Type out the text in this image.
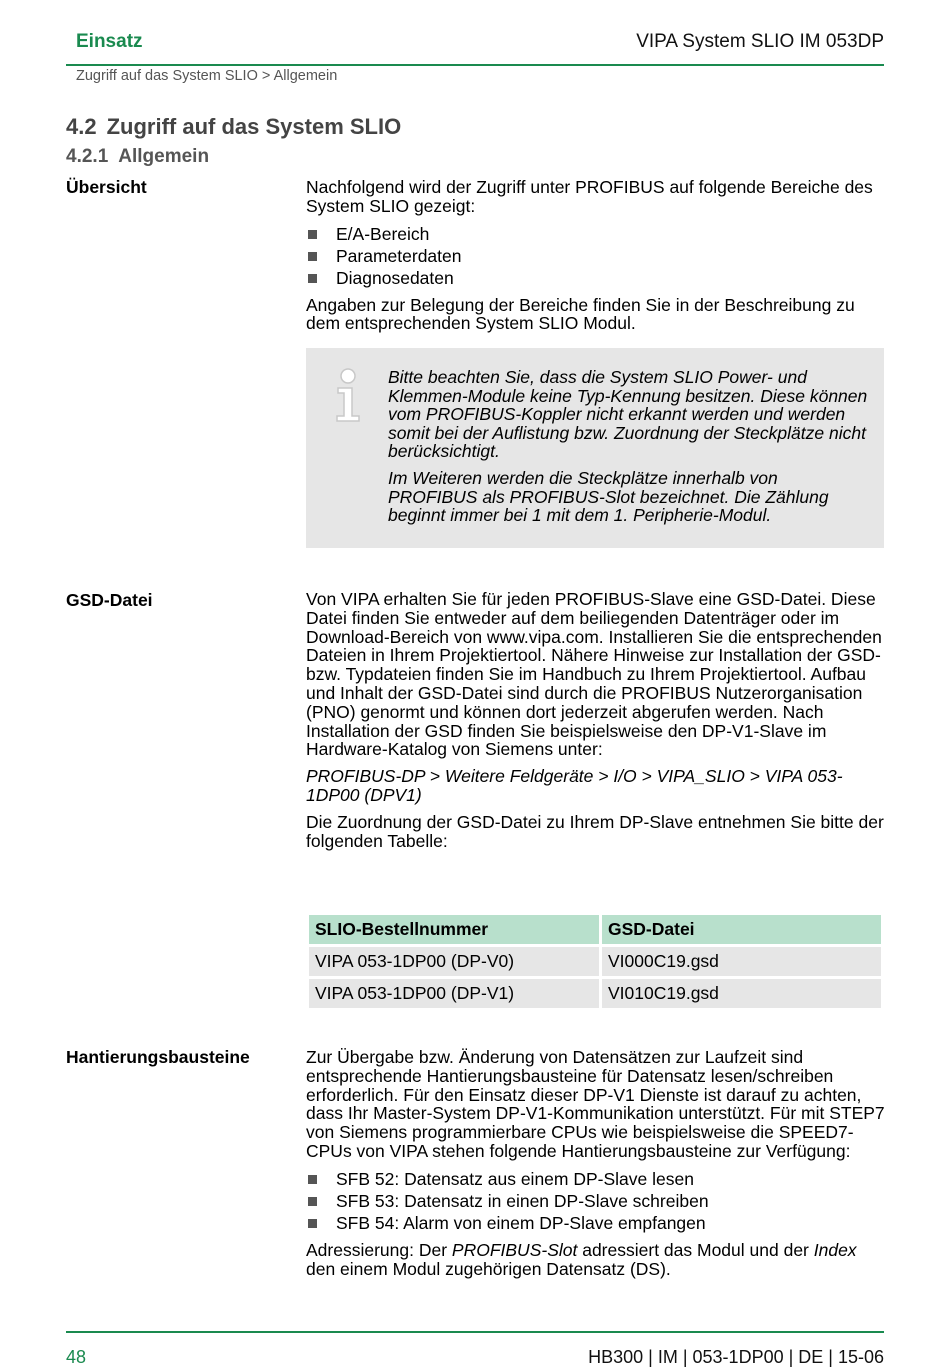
Einsatz	VIPA System SLIO IM 053DP
Zugriff auf das System SLIO > Allgemein
4.2 Zugriff auf das System SLIO
4.2.1 Allgemein
Übersicht	Nachfolgend wird der Zugriff unter PROFIBUS auf folgende Bereiche des System SLIO gezeigt:

E/A-Bereich
Parameterdaten
Diagnosedaten

Angaben zur Belegung der Bereiche finden Sie in der Beschreibung zu dem entsprechenden System SLIO Modul.

Bitte beachten Sie, dass die System SLIO Power- und Klemmen-Module keine Typ-Kennung besitzen. Diese können vom PROFIBUS-Koppler nicht erkannt werden und werden somit bei der Auflistung bzw. Zuordnung der Steckplätze nicht berücksichtigt.

Im Weiteren werden die Steckplätze innerhalb von PROFIBUS als PROFIBUS-Slot bezeichnet. Die Zählung beginnt immer bei 1 mit dem 1. Peripherie-Modul.

GSD-Datei	Von VIPA erhalten Sie für jeden PROFIBUS-Slave eine GSD-Datei. Diese Datei finden Sie entweder auf dem beiliegenden Datenträger oder im Download-Bereich von www.vipa.com. Installieren Sie die entsprechenden Dateien in Ihrem Projektiertool. Nähere Hinweise zur Installation der GSD- bzw. Typdateien finden Sie im Handbuch zu Ihrem Projektiertool. Aufbau und Inhalt der GSD-Datei sind durch die PROFIBUS Nutzerorganisation (PNO) genormt und können dort jederzeit abgerufen werden. Nach Installation der GSD finden Sie beispielsweise den DP-V1-Slave im Hardware-Katalog von Siemens unter:

PROFIBUS-DP > Weitere Feldgeräte > I/O > VIPA_SLIO > VIPA 053-1DP00 (DPV1)

Die Zuordnung der GSD-Datei zu Ihrem DP-Slave entnehmen Sie bitte der folgenden Tabelle:

SLIO-Bestellnummer	GSD-Datei
VIPA 053-1DP00 (DP-V0)	VI000C19.gsd
VIPA 053-1DP00 (DP-V1)	VI010C19.gsd
Hantierungsbausteine	Zur Übergabe bzw. Änderung von Datensätzen zur Laufzeit sind entsprechende Hantierungsbausteine für Datensatz lesen/schreiben erforderlich. Für den Einsatz dieser DP-V1 Dienste ist darauf zu achten, dass Ihr Master-System DP-V1-Kommunikation unterstützt. Für mit STEP7 von Siemens programmierbare CPUs wie beispielsweise die SPEED7-CPUs von VIPA stehen folgende Hantierungsbausteine zur Verfügung:

SFB 52: Datensatz aus einem DP-Slave lesen
SFB 53: Datensatz in einen DP-Slave schreiben
SFB 54: Alarm von einem DP-Slave empfangen

Adressierung: Der PROFIBUS-Slot adressiert das Modul und der Index den einem Modul zugehörigen Datensatz (DS).

48	HB300 | IM | 053-1DP00 | DE | 15-06
